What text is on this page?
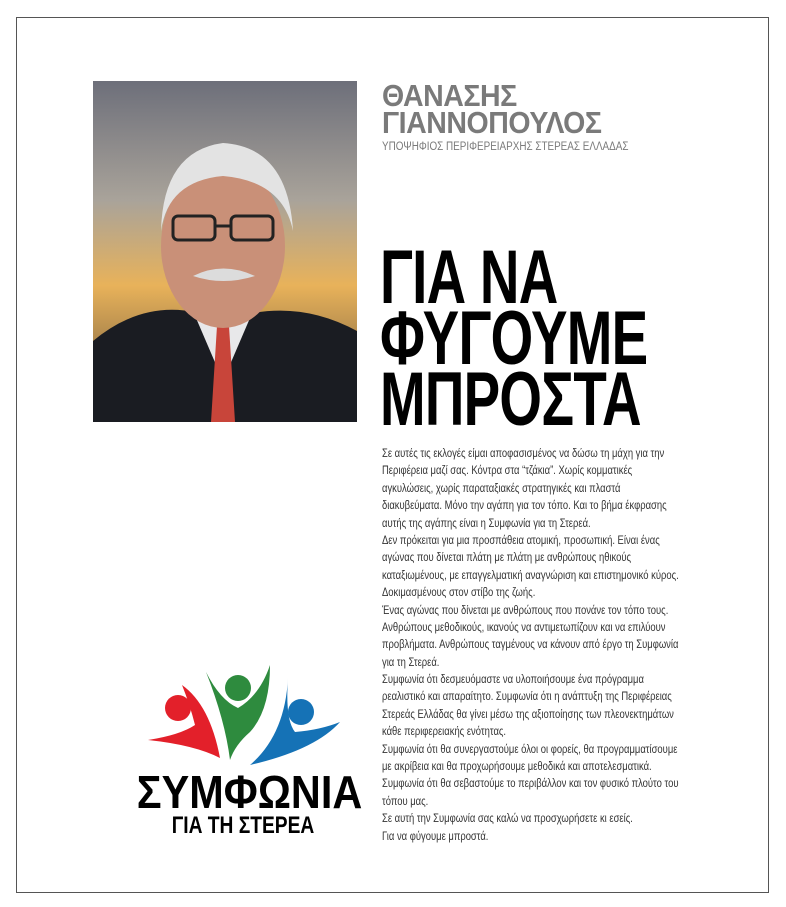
ΘΑΝΑΣΗΣ
ΓΙΑΝΝΟΠΟΥΛΟΣ
ΥΠΟΨΗΦΙΟΣ ΠΕΡΙΦΕΡΕΙΑΡΧΗΣ ΣΤΕΡΕΑΣ ΕΛΛΑΔΑΣ
ΓΙΑ ΝΑ
ΦΥΓΟΥΜΕ
ΜΠΡΟΣΤΑ
Σε αυτές τις εκλογές είμαι αποφασισμένος να δώσω τη μάχη για την
Περιφέρεια μαζί σας. Κόντρα στα “τζάκια”. Χωρίς κομματικές
αγκυλώσεις, χωρίς παραταξιακές στρατηγικές και πλαστά
διακυβεύματα. Μόνο την αγάπη για τον τόπο. Και το βήμα έκφρασης
αυτής της αγάπης είναι η Συμφωνία για τη Στερεά.
Δεν πρόκειται για μια προσπάθεια ατομική, προσωπική. Είναι ένας
αγώνας που δίνεται πλάτη με πλάτη με ανθρώπους ηθικούς
καταξιωμένους, με επαγγελματική αναγνώριση και επιστημονικό κύρος.
Δοκιμασμένους στον στίβο της ζωής.
Ένας αγώνας που δίνεται με ανθρώπους που πονάνε τον τόπο τους.
Ανθρώπους μεθοδικούς, ικανούς να αντιμετωπίζουν και να επιλύουν
προβλήματα. Ανθρώπους ταγμένους να κάνουν από έργο τη Συμφωνία
για τη Στερεά.
Συμφωνία ότι δεσμευόμαστε να υλοποιήσουμε ένα πρόγραμμα
ρεαλιστικό και απαραίτητο. Συμφωνία ότι η ανάπτυξη της Περιφέρειας
Στερεάς Ελλάδας θα γίνει μέσω της αξιοποίησης των πλεονεκτημάτων
κάθε περιφερειακής ενότητας.
Συμφωνία ότι θα συνεργαστούμε όλοι οι φορείς, θα προγραμματίσουμε
με ακρίβεια και θα προχωρήσουμε μεθοδικά και αποτελεσματικά.
Συμφωνία ότι θα σεβαστούμε το περιβάλλον και τον φυσικό πλούτο του
τόπου μας.
Σε αυτή την Συμφωνία σας καλώ να προσχωρήσετε κι εσείς.
Για να φύγουμε μπροστά.
ΣΥΜΦΩΝΙΑ
ΓΙΑ ΤΗ ΣΤΕΡΕΑ
